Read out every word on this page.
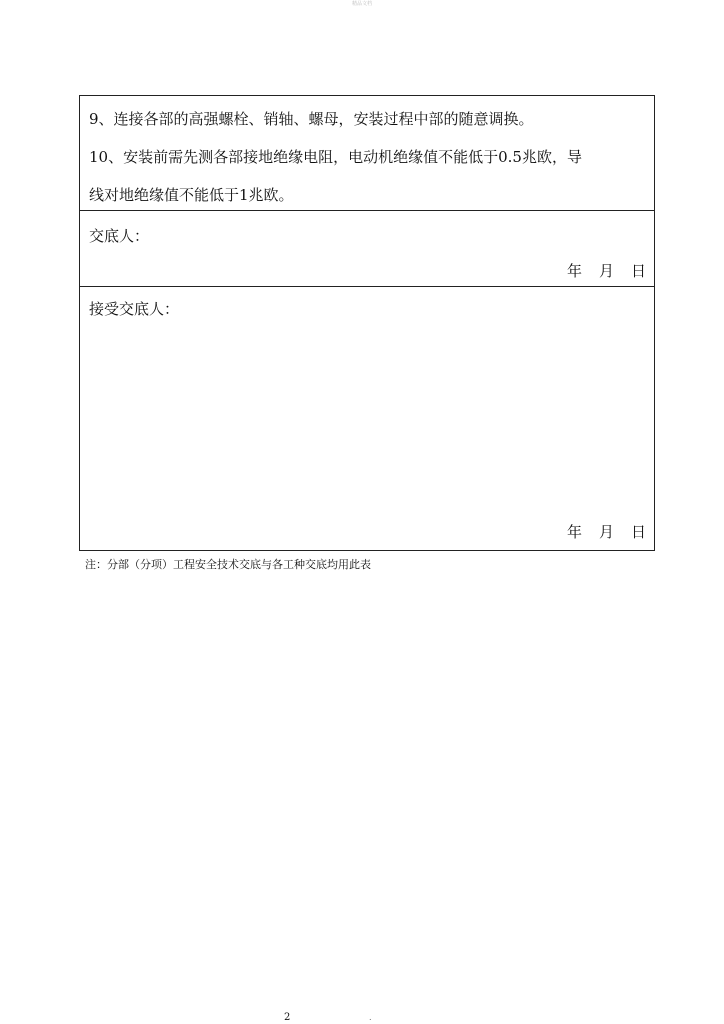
精品文档
9、连接各部的高强螺栓、销轴、螺母，安装过程中部的随意调换。
10、安装前需先测各部接地绝缘电阻，电动机绝缘值不能低于0.5兆欧，导
线对地绝缘值不能低于1兆欧。
交底人：
年 月 日
接受交底人：
年 月 日
注：分部（分项）工程安全技术交底与各工种交底均用此表
2	.
